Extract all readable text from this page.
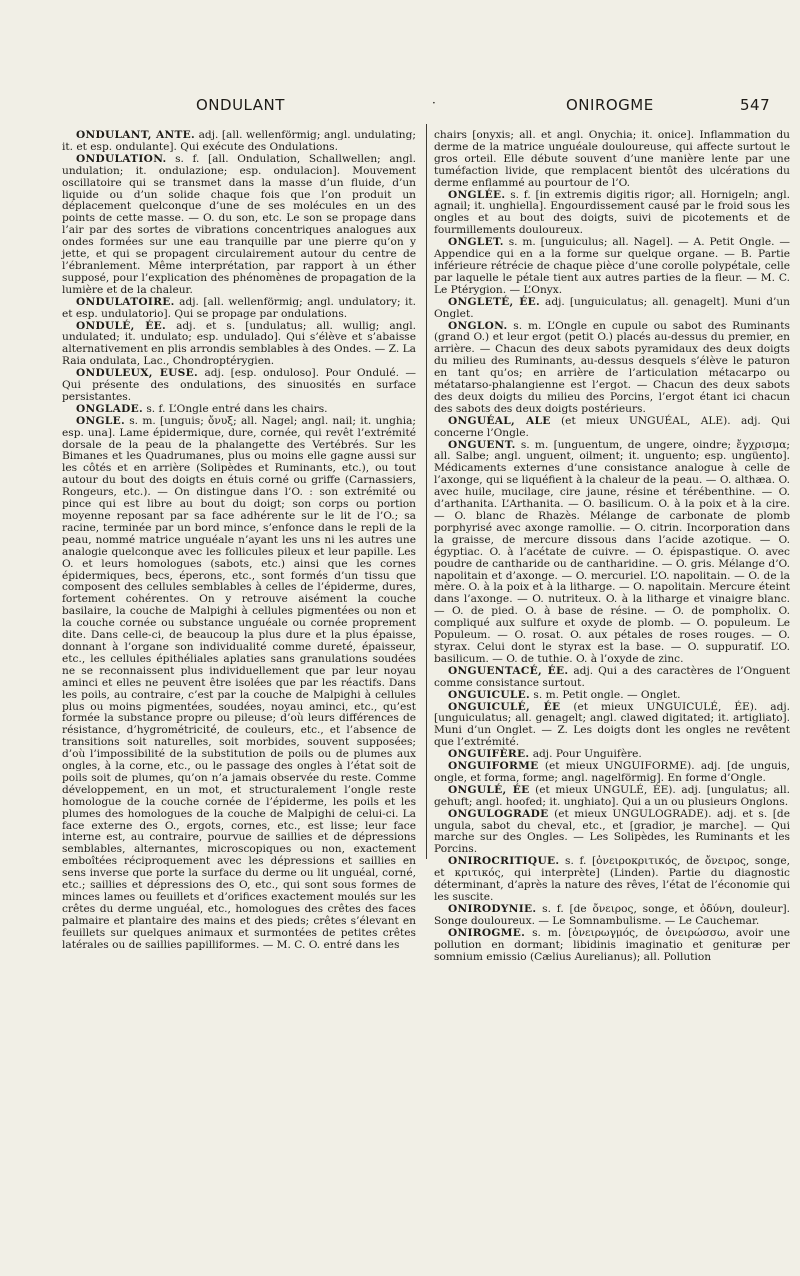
ONDULANT	·	ONIROGME	547

ONDULANT, ANTE. adj. [all. wellenförmig; angl. undulating; it. et esp. ondulante]. Qui exécute des Ondulations.

ONDULATION. s. f. [all. Ondulation, Schallwellen; angl. undulation; it. ondulazione; esp. ondulacion]. Mouvement oscillatoire qui se transmet dans la masse d’un fluide, d’un liquide ou d’un solide chaque fois que l’on produit un déplacement quelconque d’une de ses molécules en un des points de cette masse. — O. du son, etc. Le son se propage dans l’air par des sortes de vibrations concentriques analogues aux ondes formées sur une eau tranquille par une pierre qu’on y jette, et qui se propagent circulairement autour du centre de l’ébranlement. Même interprétation, par rapport à un éther supposé, pour l’explication des phénomènes de propagation de la lumière et de la chaleur.

ONDULATOIRE. adj. [all. wellenförmig; angl. undulatory; it. et esp. undulatorio]. Qui se propage par ondulations.

ONDULÉ, ÉE. adj. et s. [undulatus; all. wullig; angl. undulated; it. undulato; esp. undulado]. Qui s’élève et s’abaisse alternativement en plis arrondis semblables à des Ondes. — Z. La Raia ondulata, Lac., Chondroptérygien.

ONDULEUX, EUSE. adj. [esp. onduloso]. Pour Ondulé. — Qui présente des ondulations, des sinuosités en surface persistantes.

ONGLADE. s. f. L’Ongle entré dans les chairs.

ONGLE. s. m. [unguis; ὄνυξ; all. Nagel; angl. nail; it. unghia; esp. una]. Lame épidermique, dure, cornée, qui revêt l’extrémité dorsale de la peau de la phalangette des Vertébrés. Sur les Bimanes et les Quadrumanes, plus ou moins elle gagne aussi sur les côtés et en arrière (Solipèdes et Ruminants, etc.), ou tout autour du bout des doigts en étuis corné ou griffe (Carnassiers, Rongeurs, etc.). — On distingue dans l’O. : son extrémité ou pince qui est libre au bout du doigt; son corps ou portion moyenne reposant par sa face adhérente sur le lit de l’O.; sa racine, terminée par un bord mince, s’enfonce dans le repli de la peau, nommé matrice unguéale n’ayant les uns ni les autres une analogie quelconque avec les follicules pileux et leur papille. Les O. et leurs homologues (sabots, etc.) ainsi que les cornes épidermiques, becs, éperons, etc., sont formés d’un tissu que composent des cellules semblables à celles de l’épiderme, dures, fortement cohérentes. On y retrouve aisément la couche basilaire, la couche de Malpighi à cellules pigmentées ou non et la couche cornée ou substance unguéale ou cornée proprement dite. Dans celle-ci, de beaucoup la plus dure et la plus épaisse, donnant à l’organe son individualité comme dureté, épaisseur, etc., les cellules épithéliales aplaties sans granulations soudées ne se reconnaissent plus individuellement que par leur noyau aminci et elles ne peuvent être isolées que par les réactifs. Dans les poils, au contraire, c’est par la couche de Malpighi à cellules plus ou moins pigmentées, soudées, noyau aminci, etc., qu’est formée la substance propre ou pileuse; d’où leurs différences de résistance, d’hygrométricité, de couleurs, etc., et l’absence de transitions soit naturelles, soit morbides, souvent supposées; d’où l’impossibilité de la substitution de poils ou de plumes aux ongles, à la corne, etc., ou le passage des ongles à l’état soit de poils soit de plumes, qu’on n’a jamais observée du reste. Comme développement, en un mot, et structuralement l’ongle reste homologue de la couche cornée de l’épiderme, les poils et les plumes des homologues de la couche de Malpighi de celui-ci. La face externe des O., ergots, cornes, etc., est lisse; leur face interne est, au contraire, pourvue de saillies et de dépressions semblables, alternantes, microscopiques ou non, exactement emboîtées réciproquement avec les dépressions et saillies en sens inverse que porte la surface du derme ou lit unguéal, corné, etc.; saillies et dépressions des O, etc., qui sont sous formes de minces lames ou feuillets et d’orifices exactement moulés sur les crêtes du derme unguéal, etc., homologues des crêtes des faces palmaire et plantaire des mains et des pieds; crêtes s’élevant en feuillets sur quelques animaux et surmontées de petites crêtes latérales ou de saillies papilliformes. — M. C. O. entré dans les

chairs [onyxis; all. et angl. Onychia; it. onice]. Inflammation du derme de la matrice unguéale douloureuse, qui affecte surtout le gros orteil. Elle débute souvent d’une manière lente par une tuméfaction livide, que remplacent bientôt des ulcérations du derme enflammé au pourtour de l’O.

ONGLÉE. s. f. [in extremis digitis rigor; all. Hornigeln; angl. agnail; it. unghiella]. Engourdissement causé par le froid sous les ongles et au bout des doigts, suivi de picotements et de fourmillements douloureux.

ONGLET. s. m. [unguiculus; all. Nagel]. — A. Petit Ongle. — Appendice qui en a la forme sur quelque organe. — B. Partie inférieure rétrécie de chaque pièce d’une corolle polypétale, celle par laquelle le pétale tient aux autres parties de la fleur. — M. C. Le Ptérygion. — L’Onyx.

ONGLETÉ, ÉE. adj. [unguiculatus; all. genagelt]. Muni d’un Onglet.

ONGLON. s. m. L’Ongle en cupule ou sabot des Ruminants (grand O.) et leur ergot (petit O.) placés au-dessus du premier, en arrière. — Chacun des deux sabots pyramidaux des deux doigts du milieu des Ruminants, au-dessus desquels s’élève le paturon en tant qu’os; en arrière de l’articulation métacarpo ou métatarso-phalangienne est l’ergot. — Chacun des deux sabots des deux doigts du milieu des Porcins, l’ergot étant ici chacun des sabots des deux doigts postérieurs.

ONGUÉAL, ALE (et mieux UNGUÉAL, ALE). adj. Qui concerne l’Ongle.

ONGUENT. s. m. [unguentum, de ungere, oindre; ἔγχρισμα; all. Salbe; angl. unguent, oilment; it. unguento; esp. ungüento]. Médicaments externes d’une consistance analogue à celle de l’axonge, qui se liquéfient à la chaleur de la peau. — O. althæa. O. avec huile, mucilage, cire jaune, résine et térébenthine. — O. d’arthanita. L’Arthanita. — O. basilicum. O. à la poix et à la cire. — O. blanc de Rhazès. Mélange de carbonate de plomb porphyrisé avec axonge ramollie. — O. citrin. Incorporation dans la graisse, de mercure dissous dans l’acide azotique. — O. égyptiac. O. à l’acétate de cuivre. — O. épispastique. O. avec poudre de cantharide ou de cantharidine. — O. gris. Mélange d’O. napolitain et d’axonge. — O. mercuriel. L’O. napolitain. — O. de la mère. O. à la poix et à la litharge. — O. napolitain. Mercure éteint dans l’axonge. — O. nutriteux. O. à la litharge et vinaigre blanc. — O. de pied. O. à base de résine. — O. de pompholix. O. compliqué aux sulfure et oxyde de plomb. — O. populeum. Le Populeum. — O. rosat. O. aux pétales de roses rouges. — O. styrax. Celui dont le styrax est la base. — O. suppuratif. L’O. basilicum. — O. de tuthie. O. à l’oxyde de zinc.

ONGUENTACÉ, ÉE. adj. Qui a des caractères de l’Onguent comme consistance surtout.

ONGUICULE. s. m. Petit ongle. — Onglet.

ONGUICULÉ, ÉE (et mieux UNGUICULÉ, ÉE). adj. [unguiculatus; all. genagelt; angl. clawed digitated; it. artigliato]. Muni d’un Onglet. — Z. Les doigts dont les ongles ne revêtent que l’extrémité.

ONGUIFÈRE. adj. Pour Unguifère.

ONGUIFORME (et mieux UNGUIFORME). adj. [de unguis, ongle, et forma, forme; angl. nagelförmig]. En forme d’Ongle.

ONGULÉ, ÉE (et mieux UNGULÉ, ÉE). adj. [ungulatus; all. gehuft; angl. hoofed; it. unghiato]. Qui a un ou plusieurs Onglons.

ONGULOGRADE (et mieux UNGULOGRADE). adj. et s. [de ungula, sabot du cheval, etc., et [gradior, je marche]. — Qui marche sur des Ongles. — Les Solipèdes, les Ruminants et les Porcins.

ONIROCRITIQUE. s. f. [ὀνειροκριτικός, de ὄνειρος, songe, et κριτικός, qui interprète] (Linden). Partie du diagnostic déterminant, d’après la nature des rêves, l’état de l’économie qui les suscite.

ONIRODYNIE. s. f. [de ὄνειρος, songe, et ὀδύνη, douleur]. Songe douloureux. — Le Somnambulisme. — Le Cauchemar.

ONIROGME. s. m. [ὀνειρωγμός, de ὀνειρώσσω, avoir une pollution en dormant; libidinis imaginatio et genituræ per somnium emissio (Cælius Aurelianus); all. Pollution
